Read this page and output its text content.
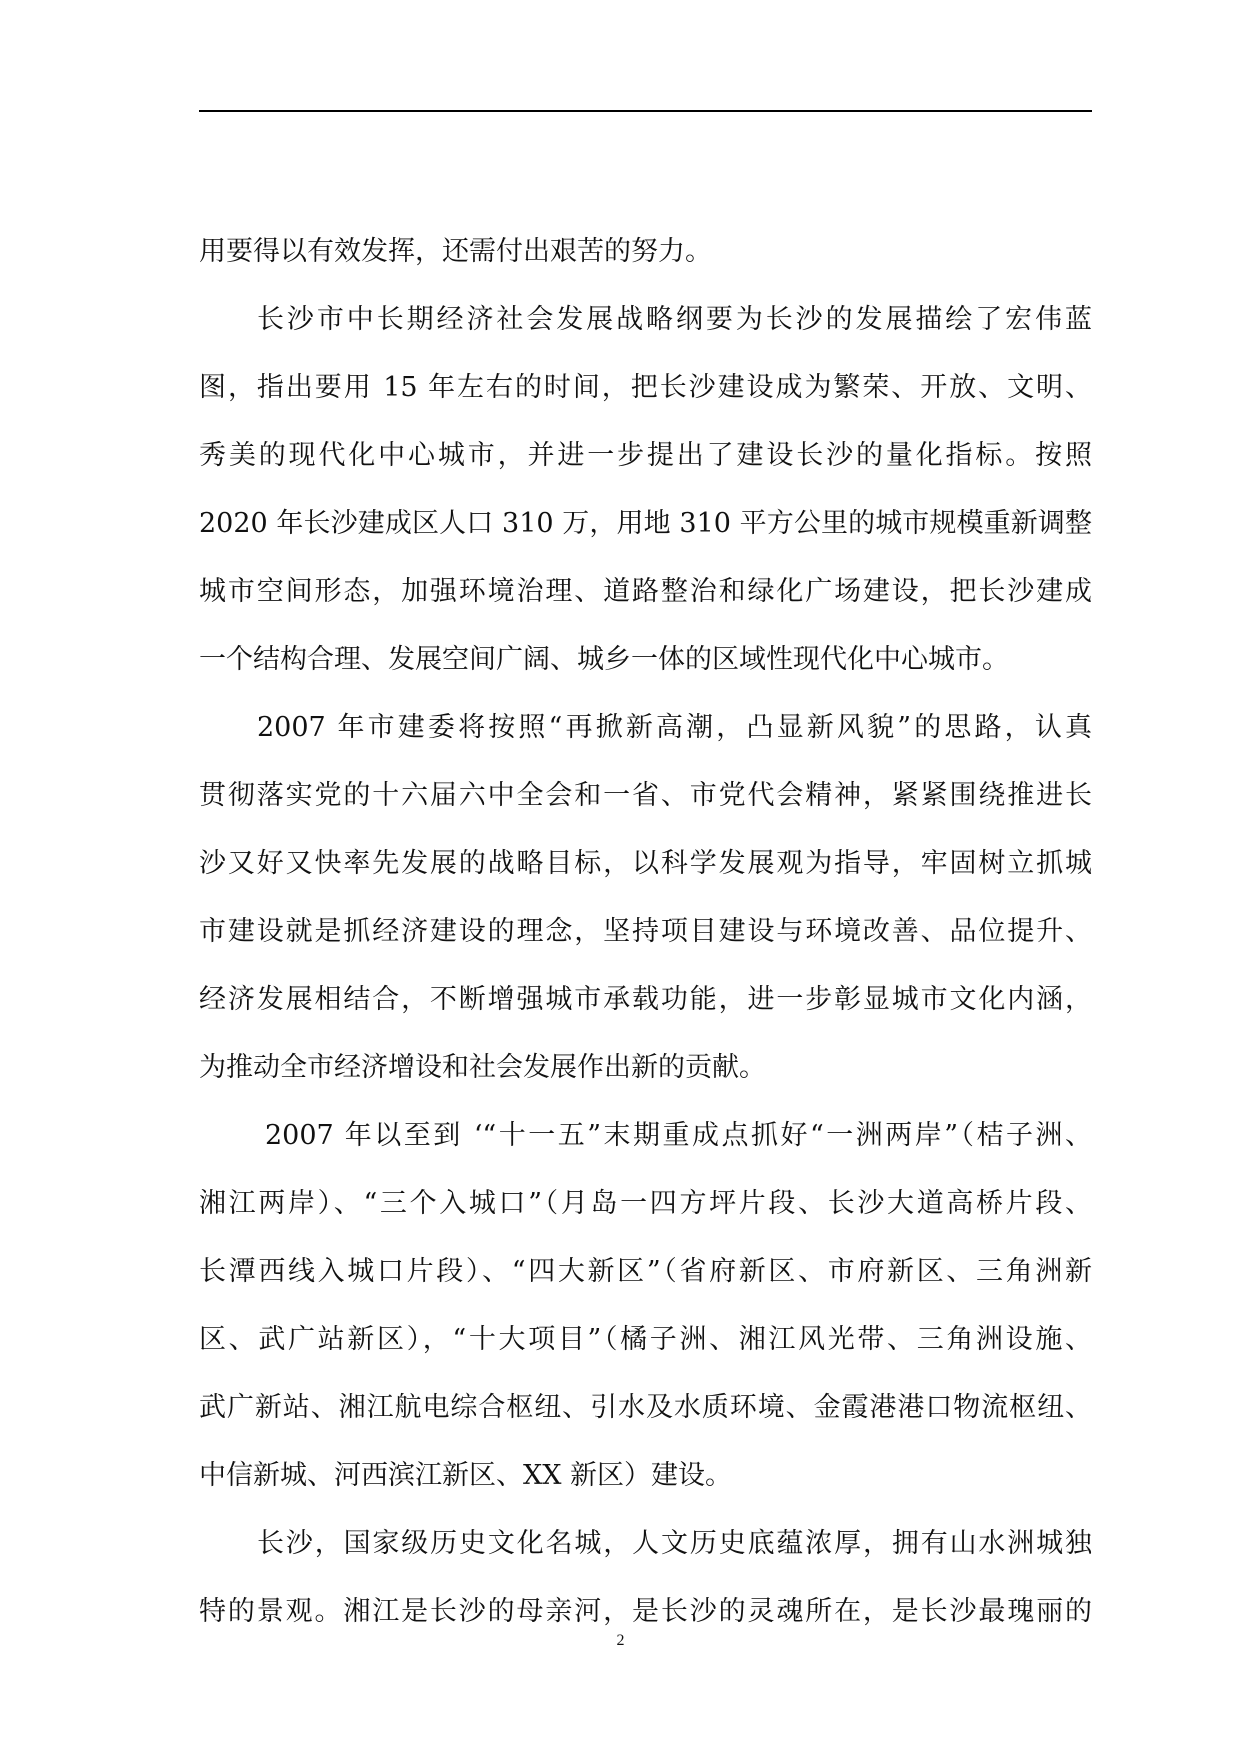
用要得以有效发挥，还需付出艰苦的努力。
长沙市中长期经济社会发展战略纲要为长沙的发展描绘了宏伟蓝
图，指出要用 15 年左右的时间，把长沙建设成为繁荣、开放、文明、
秀美的现代化中心城市，并进一步提出了建设长沙的量化指标。按照
2020 年长沙建成区人口 310 万，用地 310 平方公里的城市规模重新调整
城市空间形态，加强环境治理、道路整治和绿化广场建设，把长沙建成
一个结构合理、发展空间广阔、城乡一体的区域性现代化中心城市。
2007 年市建委将按照“再掀新高潮，凸显新风貌”的思路，认真
贯彻落实党的十六届六中全会和一省、市党代会精神，紧紧围绕推进长
沙又好又快率先发展的战略目标，以科学发展观为指导，牢固树立抓城
市建设就是抓经济建设的理念，坚持项目建设与环境改善、品位提升、
经济发展相结合，不断增强城市承载功能，进一步彰显城市文化内涵，
为推动全市经济增设和社会发展作出新的贡献。
2007 年以至到 ‘“十一五”末期重成点抓好“一洲两岸”（桔子洲、
湘江两岸）、“三个入城口”（月岛一四方坪片段、长沙大道高桥片段、
长潭西线入城口片段）、“四大新区”（省府新区、市府新区、三角洲新
区、武广站新区），“十大项目”（橘子洲、湘江风光带、三角洲设施、
武广新站、湘江航电综合枢纽、引水及水质环境、金霞港港口物流枢纽、
中信新城、河西滨江新区、XX 新区）建设。
长沙，国家级历史文化名城，人文历史底蕴浓厚，拥有山水洲城独
特的景观。湘江是长沙的母亲河，是长沙的灵魂所在，是长沙最瑰丽的
2
